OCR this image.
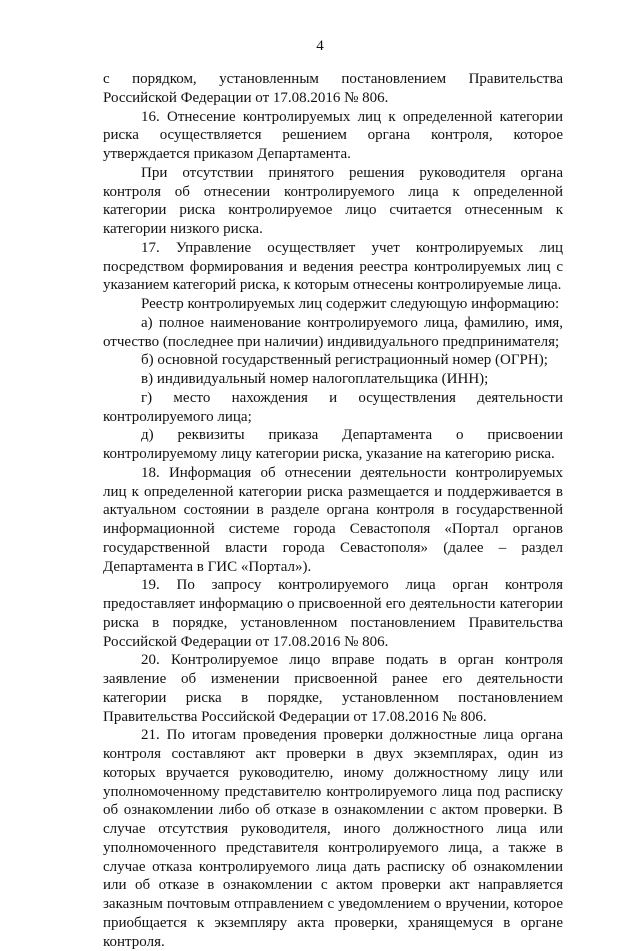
4

с порядком, установленным постановлением Правительства Российской Федерации от 17.08.2016 № 806.

16. Отнесение контролируемых лиц к определенной категории риска осуществляется решением органа контроля, которое утверждается приказом Департамента.

При отсутствии принятого решения руководителя органа контроля об отнесении контролируемого лица к определенной категории риска контролируемое лицо считается отнесенным к категории низкого риска.

17. Управление осуществляет учет контролируемых лиц посредством формирования и ведения реестра контролируемых лиц с указанием категорий риска, к которым отнесены контролируемые лица.

Реестр контролируемых лиц содержит следующую информацию:

а) полное наименование контролируемого лица, фамилию, имя, отчество (последнее при наличии) индивидуального предпринимателя;

б) основной государственный регистрационный номер (ОГРН);

в) индивидуальный номер налогоплательщика (ИНН);

г) место нахождения и осуществления деятельности контролируемого лица;

д) реквизиты приказа Департамента о присвоении контролируемому лицу категории риска, указание на категорию риска.

18. Информация об отнесении деятельности контролируемых лиц к определенной категории риска размещается и поддерживается в актуальном состоянии в разделе органа контроля в государственной информационной системе города Севастополя «Портал органов государственной власти города Севастополя» (далее – раздел Департамента в ГИС «Портал»).

19. По запросу контролируемого лица орган контроля предоставляет информацию о присвоенной его деятельности категории риска в порядке, установленном постановлением Правительства Российской Федерации от 17.08.2016 № 806.

20. Контролируемое лицо вправе подать в орган контроля заявление об изменении присвоенной ранее его деятельности категории риска в порядке, установленном постановлением Правительства Российской Федерации от 17.08.2016 № 806.

21. По итогам проведения проверки должностные лица органа контроля составляют акт проверки в двух экземплярах, один из которых вручается руководителю, иному должностному лицу или уполномоченному представителю контролируемого лица под расписку об ознакомлении либо об отказе в ознакомлении с актом проверки. В случае отсутствия руководителя, иного должностного лица или уполномоченного представителя контролируемого лица, а также в случае отказа контролируемого лица дать расписку об ознакомлении или об отказе в ознакомлении с актом проверки акт направляется заказным почтовым отправлением с уведомлением о вручении, которое приобщается к экземпляру акта проверки, хранящемуся в органе контроля.
